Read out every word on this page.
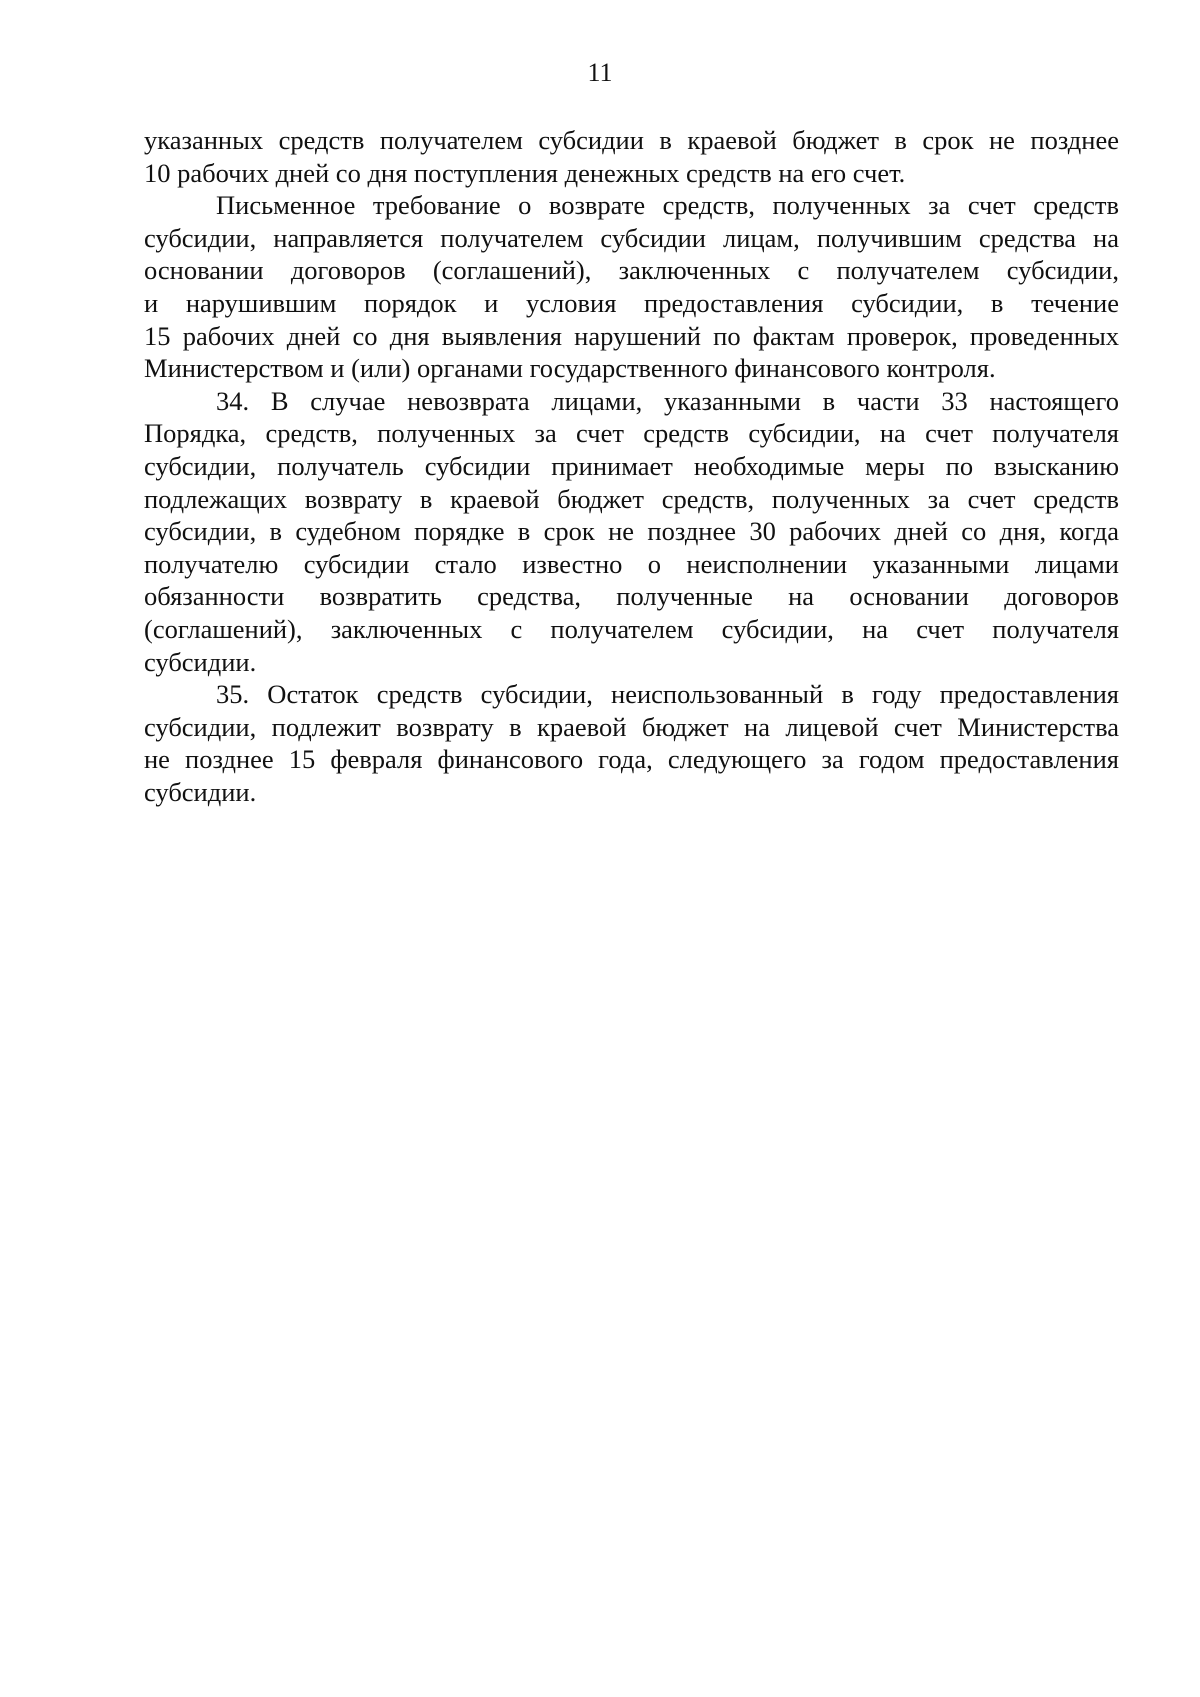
11

указанных средств получателем субсидии в краевой бюджет в срок не позднее
10 рабочих дней со дня поступления денежных средств на его счет.

Письменное требование о возврате средств, полученных за счет средств
субсидии, направляется получателем субсидии лицам, получившим средства на
основании договоров (соглашений), заключенных с получателем субсидии,
и нарушившим порядок и условия предоставления субсидии, в течение
15 рабочих дней со дня выявления нарушений по фактам проверок, проведенных
Министерством и (или) органами государственного финансового контроля.

34. В случае невозврата лицами, указанными в части 33 настоящего
Порядка, средств, полученных за счет средств субсидии, на счет получателя
субсидии, получатель субсидии принимает необходимые меры по взысканию
подлежащих возврату в краевой бюджет средств, полученных за счет средств
субсидии, в судебном порядке в срок не позднее 30 рабочих дней со дня, когда
получателю субсидии стало известно о неисполнении указанными лицами
обязанности возвратить средства, полученные на основании договоров
(соглашений), заключенных с получателем субсидии, на счет получателя
субсидии.

35. Остаток средств субсидии, неиспользованный в году предоставления
субсидии, подлежит возврату в краевой бюджет на лицевой счет Министерства
не позднее 15 февраля финансового года, следующего за годом предоставления
субсидии.
